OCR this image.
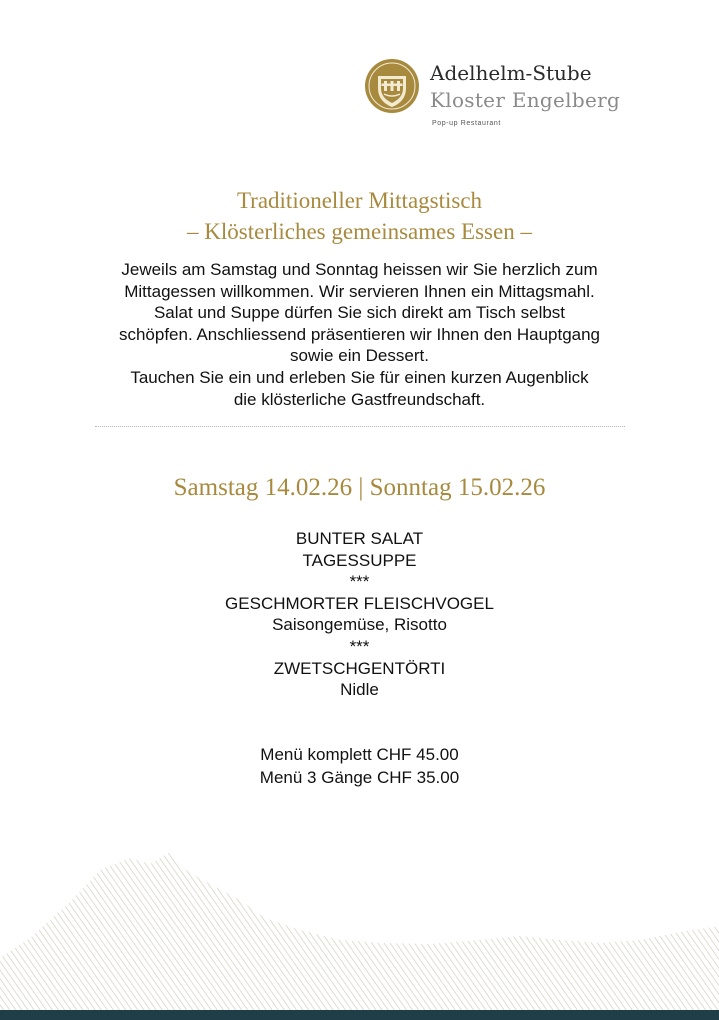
Adelhelm-Stube
Kloster Engelberg
Pop-up Restaurant
Traditioneller Mittagstisch
– Klösterliches gemeinsames Essen –

Jeweils am Samstag und Sonntag heissen wir Sie herzlich zum

Mittagessen willkommen. Wir servieren Ihnen ein Mittagsmahl.

Salat und Suppe dürfen Sie sich direkt am Tisch selbst

schöpfen. Anschliessend präsentieren wir Ihnen den Hauptgang

sowie ein Dessert.

Tauchen Sie ein und erleben Sie für einen kurzen Augenblick

die klösterliche Gastfreundschaft.

Samstag 14.02.26 | Sonntag 15.02.26
BUNTER SALAT
TAGESSUPPE
***
GESCHMORTER FLEISCHVOGEL
Saisongemüse, Risotto
***
ZWETSCHGENTÖRTI
Nidle
Menü komplett CHF 45.00
Menü 3 Gänge CHF 35.00
